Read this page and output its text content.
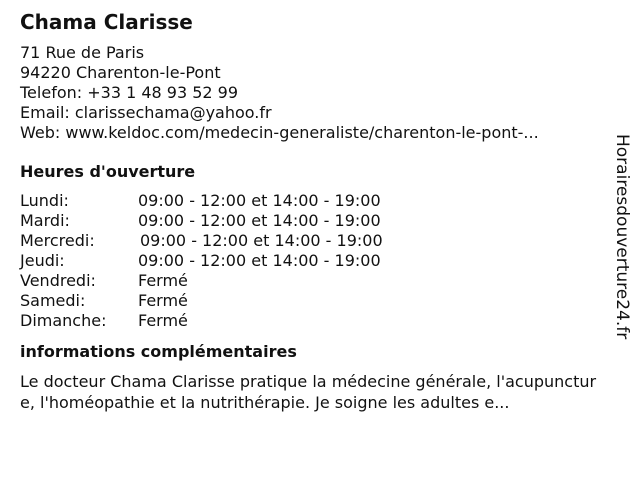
Chama Clarisse
71 Rue de Paris
94220 Charenton-le-Pont
Telefon: +33 1 48 93 52 99
Email: clarissechama@yahoo.fr
Web: www.keldoc.com/medecin-generaliste/charenton-le-pont-...
Heures d'ouverture
Lundi:	09:00 - 12:00 et 14:00 - 19:00
Mardi:	09:00 - 12:00 et 14:00 - 19:00
Mercredi:	09:00 - 12:00 et 14:00 - 19:00
Jeudi:	09:00 - 12:00 et 14:00 - 19:00
Vendredi:	Fermé
Samedi:	Fermé
Dimanche:	Fermé
informations complémentaires
Le docteur Chama Clarisse pratique la médecine générale, l'acupuncture, l'homéopathie et la nutrithérapie. Je soigne les adultes e...
Horairesdouverture24.fr
